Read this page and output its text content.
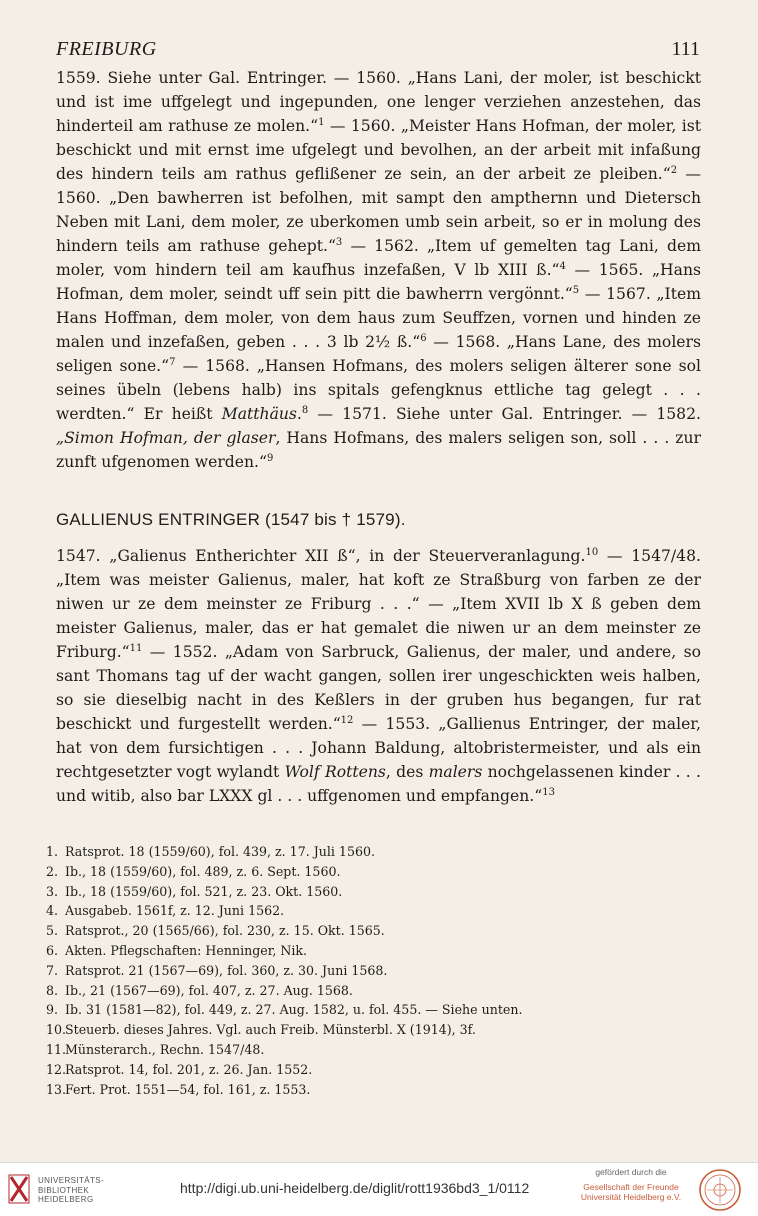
FREIBURG	111

1559. Siehe unter Gal. Entringer. — 1560. „Hans Lani, der moler, ist beschickt und ist ime uffgelegt und ingepunden, one lenger verziehen anzestehen, das hinderteil am rathuse ze molen.“$^1$ — 1560. „Meister Hans Hofman, der moler, ist beschickt und mit ernst ime ufgelegt und bevolhen, an der arbeit mit infaßung des hindern teils am rathus geflißener ze sein, an der arbeit ze pleiben.“$^2$ — 1560. „Den bawherren ist befolhen, mit sampt den ampthernn und Dietersch Neben mit Lani, dem moler, ze uberkomen umb sein arbeit, so er in molung des hindern teils am rathuse gehept.“$^3$ — 1562. „Item uf gemelten tag Lani, dem moler, vom hindern teil am kaufhus inzefaßen, V lb XIII ß.“$^4$ — 1565. „Hans Hofman, dem moler, seindt uff sein pitt die bawherrn vergönnt.“$^5$ — 1567. „Item Hans Hoffman, dem moler, von dem haus zum Seuffzen, vornen und hinden ze malen und inzefaßen, geben . . . 3 lb 2½ ß.“$^6$ — 1568. „Hans Lane, des molers seligen sone.“$^7$ — 1568. „Hansen Hofmans, des molers seligen älterer sone sol seines übeln (lebens halb) ins spitals gefengknus ettliche tag gelegt . . . werdten.“ Er heißt Matthäus.$^8$ — 1571. Siehe unter Gal. Entringer. — 1582. „Simon Hofman, der glaser, Hans Hofmans, des malers seligen son, soll . . . zur zunft ufgenomen werden.“$^9$

GALLIENUS ENTRINGER (1547 bis † 1579).

1547. „Galienus Entherichter XII ß“, in der Steuerveranlagung.$^{10}$ — 1547/48. „Item was meister Galienus, maler, hat koft ze Straßburg von farben ze der niwen ur ze dem meinster ze Friburg . . .“ — „Item XVII lb X ß geben dem meister Galienus, maler, das er hat gemalet die niwen ur an dem meinster ze Friburg.“$^{11}$ — 1552. „Adam von Sarbruck, Galienus, der maler, und andere, so sant Thomans tag uf der wacht gangen, sollen irer ungeschickten weis halben, so sie dieselbig nacht in des Keßlers in der gruben hus begangen, fur rat beschickt und furgestellt werden.“$^{12}$ — 1553. „Gallienus Entringer, der maler, hat von dem fursichtigen . . . Johann Baldung, altobristermeister, und als ein rechtgesetzter vogt wylandt Wolf Rottens, des malers nochgelassenen kinder . . . und witib, also bar LXXX gl . . . uffgenomen und empfangen.“$^{13}$

1. Ratsprot. 18 (1559/60), fol. 439, z. 17. Juli 1560.
2. Ib., 18 (1559/60), fol. 489, z. 6. Sept. 1560.
3. Ib., 18 (1559/60), fol. 521, z. 23. Okt. 1560.
4. Ausgabeb. 1561f, z. 12. Juni 1562.
5. Ratsprot., 20 (1565/66), fol. 230, z. 15. Okt. 1565.
6. Akten. Pflegschaften: Henninger, Nik.
7. Ratsprot. 21 (1567—69), fol. 360, z. 30. Juni 1568.
8. Ib., 21 (1567—69), fol. 407, z. 27. Aug. 1568.
9. Ib. 31 (1581—82), fol. 449, z. 27. Aug. 1582, u. fol. 455. — Siehe unten.
10.Steuerb. dieses Jahres. Vgl. auch Freib. Münsterbl. X (1914), 3f.
11.Münsterarch., Rechn. 1547/48.
12.Ratsprot. 14, fol. 201, z. 26. Jan. 1552.
13.Fert. Prot. 1551—54, fol. 161, z. 1553.
UNIVERSITÄTS-
BIBLIOTHEK
HEIDELBERG
http://digi.ub.uni-heidelberg.de/diglit/rott1936bd3_1/0112
gefördert durch die
Gesellschaft der Freunde
Universität Heidelberg e.V.
